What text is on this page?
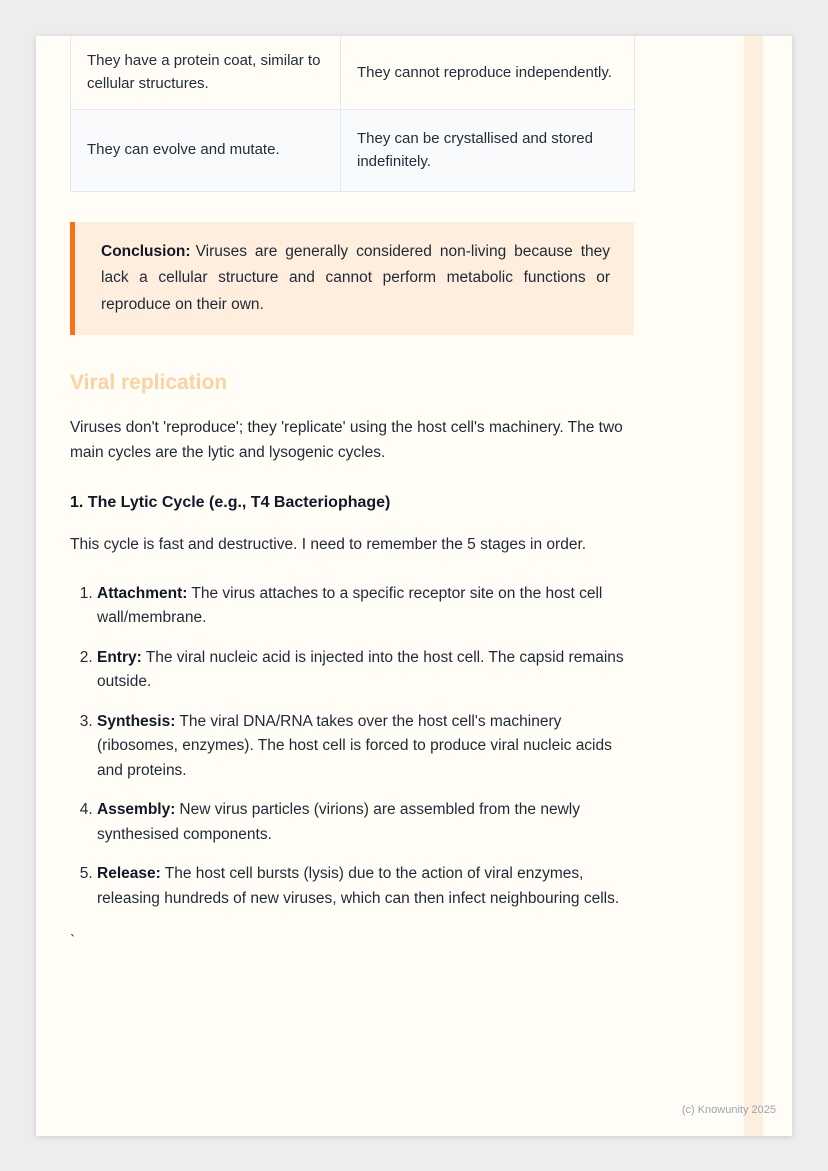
They have a protein coat, similar to cellular structures.	They cannot reproduce independently.
They can evolve and mutate.	They can be crystallised and stored indefinitely.
Conclusion: Viruses are generally considered non-living because they lack a cellular structure and cannot perform metabolic functions or reproduce on their own.
Viral replication

Viruses don't 'reproduce'; they 'replicate' using the host cell's machinery. The two main cycles are the lytic and lysogenic cycles.

1. The Lytic Cycle (e.g., T4 Bacteriophage)

This cycle is fast and destructive. I need to remember the 5 stages in order.

1. Attachment: The virus attaches to a specific receptor site on the host cell wall/membrane.
2. Entry: The viral nucleic acid is injected into the host cell. The capsid remains outside.
3. Synthesis: The viral DNA/RNA takes over the host cell's machinery (ribosomes, enzymes). The host cell is forced to produce viral nucleic acids and proteins.
4. Assembly: New virus particles (virions) are assembled from the newly synthesised components.
5. Release: The host cell bursts (lysis) due to the action of viral enzymes, releasing hundreds of new viruses, which can then infect neighbouring cells.

`

(c) Knowunity 2025
